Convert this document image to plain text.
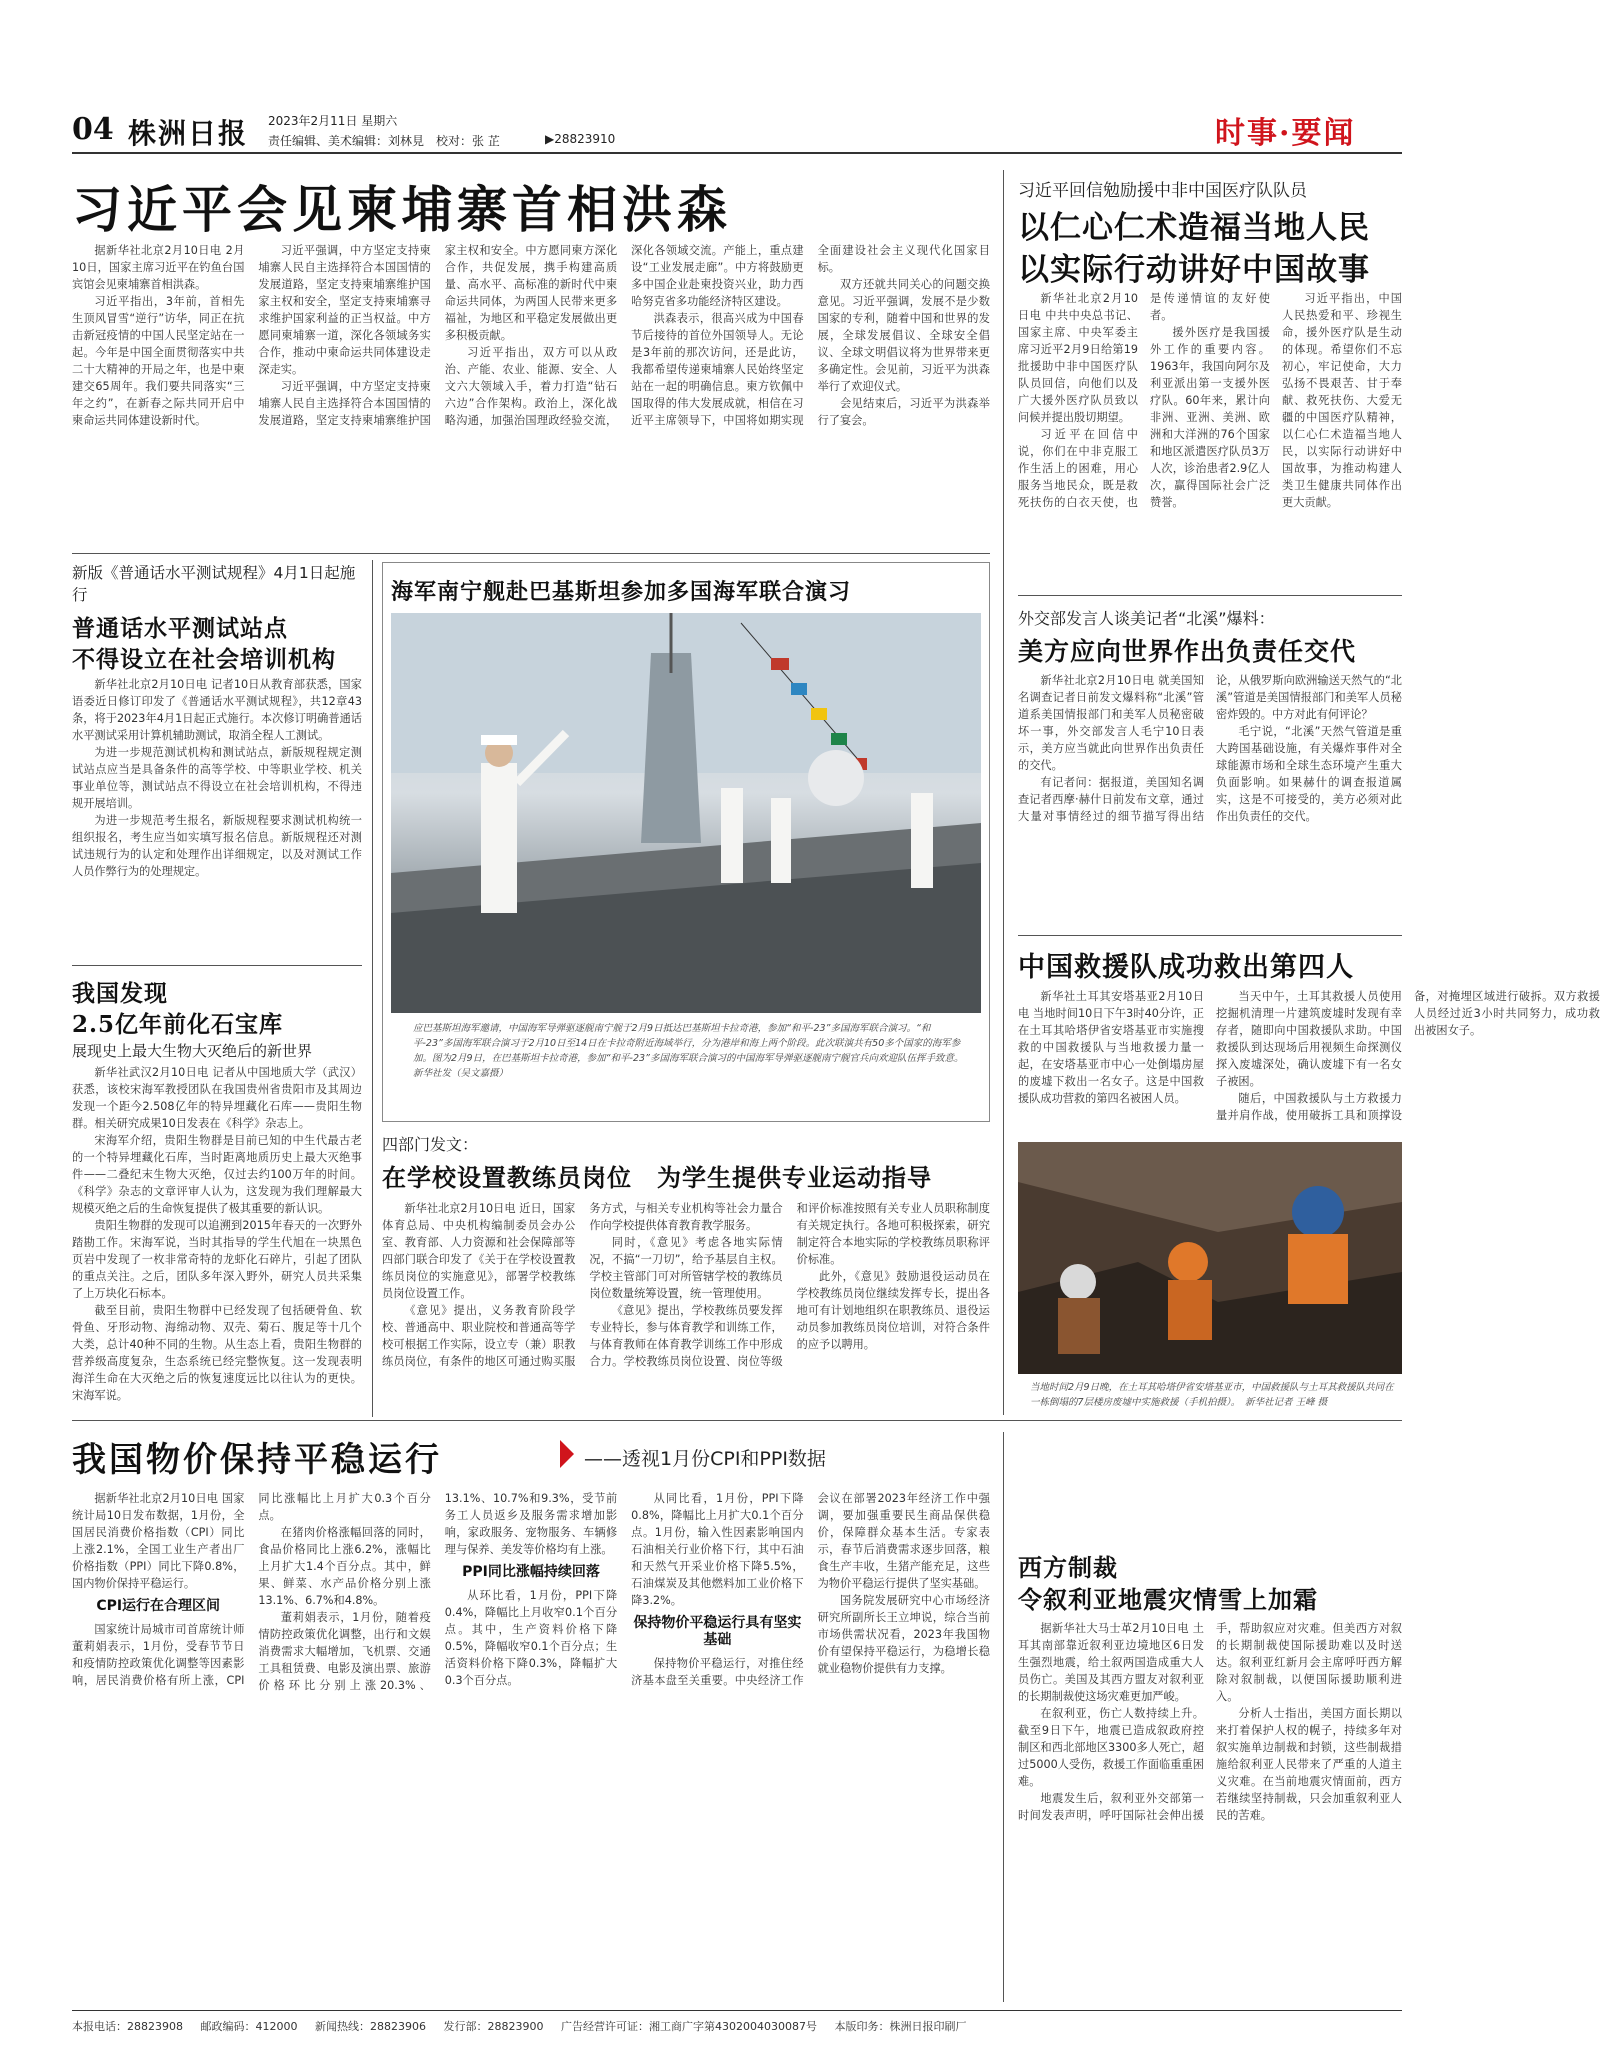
04 株洲日报 2023年2月11日 星期六
责任编辑、美术编辑：刘林見　校对：张 芷	▶28823910	时事·要闻
习近平会见柬埔寨首相洪森

据新华社北京2月10日电 2月10日，国家主席习近平在钓鱼台国宾馆会见柬埔寨首相洪森。

习近平指出，3年前，首相先生顶风冒雪“逆行”访华，同正在抗击新冠疫情的中国人民坚定站在一起。今年是中国全面贯彻落实中共二十大精神的开局之年，也是中柬建交65周年。我们要共同落实“三年之约”，在新春之际共同开启中柬命运共同体建设新时代。

习近平强调，中方坚定支持柬埔寨人民自主选择符合本国国情的发展道路，坚定支持柬埔寨维护国家主权和安全，坚定支持柬埔寨寻求维护国家利益的正当权益。中方愿同柬埔寨一道，深化各领域务实合作，推动中柬命运共同体建设走深走实。

习近平强调，中方坚定支持柬埔寨人民自主选择符合本国国情的发展道路，坚定支持柬埔寨维护国家主权和安全。中方愿同柬方深化合作，共促发展，携手构建高质量、高水平、高标准的新时代中柬命运共同体，为两国人民带来更多福祉，为地区和平稳定发展做出更多积极贡献。

习近平指出，双方可以从政治、产能、农业、能源、安全、人文六大领域入手，着力打造“钻石六边”合作架构。政治上，深化战略沟通，加强治国理政经验交流，深化各领域交流。产能上，重点建设“工业发展走廊”。中方将鼓励更多中国企业赴柬投资兴业，助力西哈努克省多功能经济特区建设。

洪森表示，很高兴成为中国春节后接待的首位外国领导人。无论是3年前的那次访问，还是此访，我都希望传递柬埔寨人民始终坚定站在一起的明确信息。柬方钦佩中国取得的伟大发展成就，相信在习近平主席领导下，中国将如期实现全面建设社会主义现代化国家目标。

双方还就共同关心的问题交换意见。习近平强调，发展不是少数国家的专利，随着中国和世界的发展，全球发展倡议、全球安全倡议、全球文明倡议将为世界带来更多确定性。会见前，习近平为洪森举行了欢迎仪式。

会见结束后，习近平为洪森举行了宴会。

习近平回信勉励援中非中国医疗队队员
以仁心仁术造福当地人民
以实际行动讲好中国故事

新华社北京2月10日电 中共中央总书记、国家主席、中央军委主席习近平2月9日给第19批援助中非中国医疗队队员回信，向他们以及广大援外医疗队员致以问候并提出殷切期望。

习近平在回信中说，你们在中非克服工作生活上的困难，用心服务当地民众，既是救死扶伤的白衣天使，也是传递情谊的友好使者。

援外医疗是我国援外工作的重要内容。1963年，我国向阿尔及利亚派出第一支援外医疗队。60年来，累计向非洲、亚洲、美洲、欧洲和大洋洲的76个国家和地区派遣医疗队员3万人次，诊治患者2.9亿人次，赢得国际社会广泛赞誉。

习近平指出，中国人民热爱和平、珍视生命，援外医疗队是生动的体现。希望你们不忘初心，牢记使命，大力弘扬不畏艰苦、甘于奉献、救死扶伤、大爱无疆的中国医疗队精神，以仁心仁术造福当地人民，以实际行动讲好中国故事，为推动构建人类卫生健康共同体作出更大贡献。

新版《普通话水平测试规程》4月1日起施行
普通话水平测试站点
不得设立在社会培训机构

新华社北京2月10日电 记者10日从教育部获悉，国家语委近日修订印发了《普通话水平测试规程》，共12章43条，将于2023年4月1日起正式施行。本次修订明确普通话水平测试采用计算机辅助测试，取消全程人工测试。

为进一步规范测试机构和测试站点，新版规程规定测试站点应当是具备条件的高等学校、中等职业学校、机关事业单位等，测试站点不得设立在社会培训机构，不得违规开展培训。

为进一步规范考生报名，新版规程要求测试机构统一组织报名，考生应当如实填写报名信息。新版规程还对测试违规行为的认定和处理作出详细规定，以及对测试工作人员作弊行为的处理规定。

我国发现
2.5亿年前化石宝库
展现史上最大生物大灭绝后的新世界

新华社武汉2月10日电 记者从中国地质大学（武汉）获悉，该校宋海军教授团队在我国贵州省贵阳市及其周边发现一个距今2.508亿年的特异埋藏化石库——贵阳生物群。相关研究成果10日发表在《科学》杂志上。

宋海军介绍，贵阳生物群是目前已知的中生代最古老的一个特异埋藏化石库，当时距离地质历史上最大灭绝事件——二叠纪末生物大灭绝，仅过去约100万年的时间。《科学》杂志的文章评审人认为，这发现为我们理解最大规模灭绝之后的生命恢复提供了极其重要的新认识。

贵阳生物群的发现可以追溯到2015年春天的一次野外踏勘工作。宋海军说，当时其指导的学生代旭在一块黑色页岩中发现了一枚非常奇特的龙虾化石碎片，引起了团队的重点关注。之后，团队多年深入野外，研究人员共采集了上万块化石标本。

截至目前，贵阳生物群中已经发现了包括硬骨鱼、软骨鱼、牙形动物、海绵动物、双壳、菊石、腹足等十几个大类，总计40种不同的生物。从生态上看，贵阳生物群的营养级高度复杂，生态系统已经完整恢复。这一发现表明海洋生命在大灭绝之后的恢复速度远比以往认为的更快。宋海军说。

海军南宁舰赴巴基斯坦参加多国海军联合演习
应巴基斯坦海军邀请，中国海军导弹驱逐舰南宁舰于2月9日抵达巴基斯坦卡拉奇港，参加“和平-23”多国海军联合演习。“和平-23”多国海军联合演习于2月10日至14日在卡拉奇附近海域举行，分为港岸和海上两个阶段。此次联演共有50多个国家的海军参加。图为2月9日，在巴基斯坦卡拉奇港，参加“和平-23”多国海军联合演习的中国海军导弹驱逐舰南宁舰官兵向欢迎队伍挥手致意。　新华社发（吴文嘉摄）
外交部发言人谈美记者“北溪”爆料：
美方应向世界作出负责任交代

新华社北京2月10日电 就美国知名调查记者日前发文爆料称“北溪”管道系美国情报部门和美军人员秘密破坏一事，外交部发言人毛宁10日表示，美方应当就此向世界作出负责任的交代。

有记者问：据报道，美国知名调查记者西摩·赫什日前发布文章，通过大量对事情经过的细节描写得出结论，从俄罗斯向欧洲输送天然气的“北溪”管道是美国情报部门和美军人员秘密炸毁的。中方对此有何评论？

毛宁说，“北溪”天然气管道是重大跨国基础设施，有关爆炸事件对全球能源市场和全球生态环境产生重大负面影响。如果赫什的调查报道属实，这是不可接受的，美方必须对此作出负责任的交代。

中国救援队成功救出第四人

新华社土耳其安塔基亚2月10日电 当地时间10日下午3时40分许，正在土耳其哈塔伊省安塔基亚市实施搜救的中国救援队与当地救援力量一起，在安塔基亚市中心一处倒塌房屋的废墟下救出一名女子。这是中国救援队成功营救的第四名被困人员。

当天中午，土耳其救援人员使用挖掘机清理一片建筑废墟时发现有幸存者，随即向中国救援队求助。中国救援队到达现场后用视频生命探测仪探入废墟深处，确认废墟下有一名女子被困。

随后，中国救援队与土方救援力量并肩作战，使用破拆工具和顶撑设备，对掩埋区域进行破拆。双方救援人员经过近3小时共同努力，成功救出被困女子。

当地时间2月9日晚，在土耳其哈塔伊省安塔基亚市，中国救援队与土耳其救援队共同在一栋倒塌的7层楼房废墟中实施救援（手机拍摄）。　新华社记者 王峰 摄
四部门发文：
在学校设置教练员岗位　为学生提供专业运动指导

新华社北京2月10日电 近日，国家体育总局、中央机构编制委员会办公室、教育部、人力资源和社会保障部等四部门联合印发了《关于在学校设置教练员岗位的实施意见》，部署学校教练员岗位设置工作。

《意见》提出，义务教育阶段学校、普通高中、职业院校和普通高等学校可根据工作实际，设立专（兼）职教练员岗位，有条件的地区可通过购买服务方式，与相关专业机构等社会力量合作向学校提供体育教育教学服务。

同时，《意见》考虑各地实际情况，不搞“一刀切”，给予基层自主权。学校主管部门可对所管辖学校的教练员岗位数量统筹设置，统一管理使用。

《意见》提出，学校教练员要发挥专业特长，参与体育教学和训练工作，与体育教师在体育教学训练工作中形成合力。学校教练员岗位设置、岗位等级和评价标准按照有关专业人员职称制度有关规定执行。各地可积极探索，研究制定符合本地实际的学校教练员职称评价标准。

此外，《意见》鼓励退役运动员在学校教练员岗位继续发挥专长，提出各地可有计划地组织在职教练员、退役运动员参加教练员岗位培训，对符合条件的应予以聘用。

我国物价保持平稳运行	——透视1月份CPI和PPI数据

据新华社北京2月10日电 国家统计局10日发布数据，1月份，全国居民消费价格指数（CPI）同比上涨2.1%，全国工业生产者出厂价格指数（PPI）同比下降0.8%，国内物价保持平稳运行。

CPI运行在合理区间

国家统计局城市司首席统计师董莉娟表示，1月份，受春节节日和疫情防控政策优化调整等因素影响，居民消费价格有所上涨，CPI同比涨幅比上月扩大0.3个百分点。

在猪肉价格涨幅回落的同时，食品价格同比上涨6.2%，涨幅比上月扩大1.4个百分点。其中，鲜果、鲜菜、水产品价格分别上涨13.1%、6.7%和4.8%。

董莉娟表示，1月份，随着疫情防控政策优化调整，出行和文娱消费需求大幅增加，飞机票、交通工具租赁费、电影及演出票、旅游价格环比分别上涨20.3%、13.1%、10.7%和9.3%，受节前务工人员返乡及服务需求增加影响，家政服务、宠物服务、车辆修理与保养、美发等价格均有上涨。

PPI同比涨幅持续回落

从环比看，1月份，PPI下降0.4%，降幅比上月收窄0.1个百分点。其中，生产资料价格下降0.5%，降幅收窄0.1个百分点；生活资料价格下降0.3%，降幅扩大0.3个百分点。

从同比看，1月份，PPI下降0.8%，降幅比上月扩大0.1个百分点。1月份，输入性因素影响国内石油相关行业价格下行，其中石油和天然气开采业价格下降5.5%，石油煤炭及其他燃料加工业价格下降3.2%。

保持物价平稳运行具有坚实基础

保持物价平稳运行，对推住经济基本盘至关重要。中央经济工作会议在部署2023年经济工作中强调，要加强重要民生商品保供稳价，保障群众基本生活。专家表示，春节后消费需求逐步回落，粮食生产丰收，生猪产能充足，这些为物价平稳运行提供了坚实基础。

国务院发展研究中心市场经济研究所副所长王立坤说，综合当前市场供需状况看，2023年我国物价有望保持平稳运行，为稳增长稳就业稳物价提供有力支撑。

西方制裁
令叙利亚地震灾情雪上加霜

据新华社大马士革2月10日电 土耳其南部靠近叙利亚边境地区6日发生强烈地震，给土叙两国造成重大人员伤亡。美国及其西方盟友对叙利亚的长期制裁使这场灾难更加严峻。

在叙利亚，伤亡人数持续上升。截至9日下午，地震已造成叙政府控制区和西北部地区3300多人死亡，超过5000人受伤，救援工作面临重重困难。

地震发生后，叙利亚外交部第一时间发表声明，呼吁国际社会伸出援手，帮助叙应对灾难。但美西方对叙的长期制裁使国际援助难以及时送达。叙利亚红新月会主席呼吁西方解除对叙制裁，以便国际援助顺利进入。

分析人士指出，美国方面长期以来打着保护人权的幌子，持续多年对叙实施单边制裁和封锁，这些制裁措施给叙利亚人民带来了严重的人道主义灾难。在当前地震灾情面前，西方若继续坚持制裁，只会加重叙利亚人民的苦难。

本报电话：28823908 邮政编码：412000 新闻热线：28823906 发行部：28823900 广告经营许可证：湘工商广字第4302004030087号 本版印务：株洲日报印刷厂
